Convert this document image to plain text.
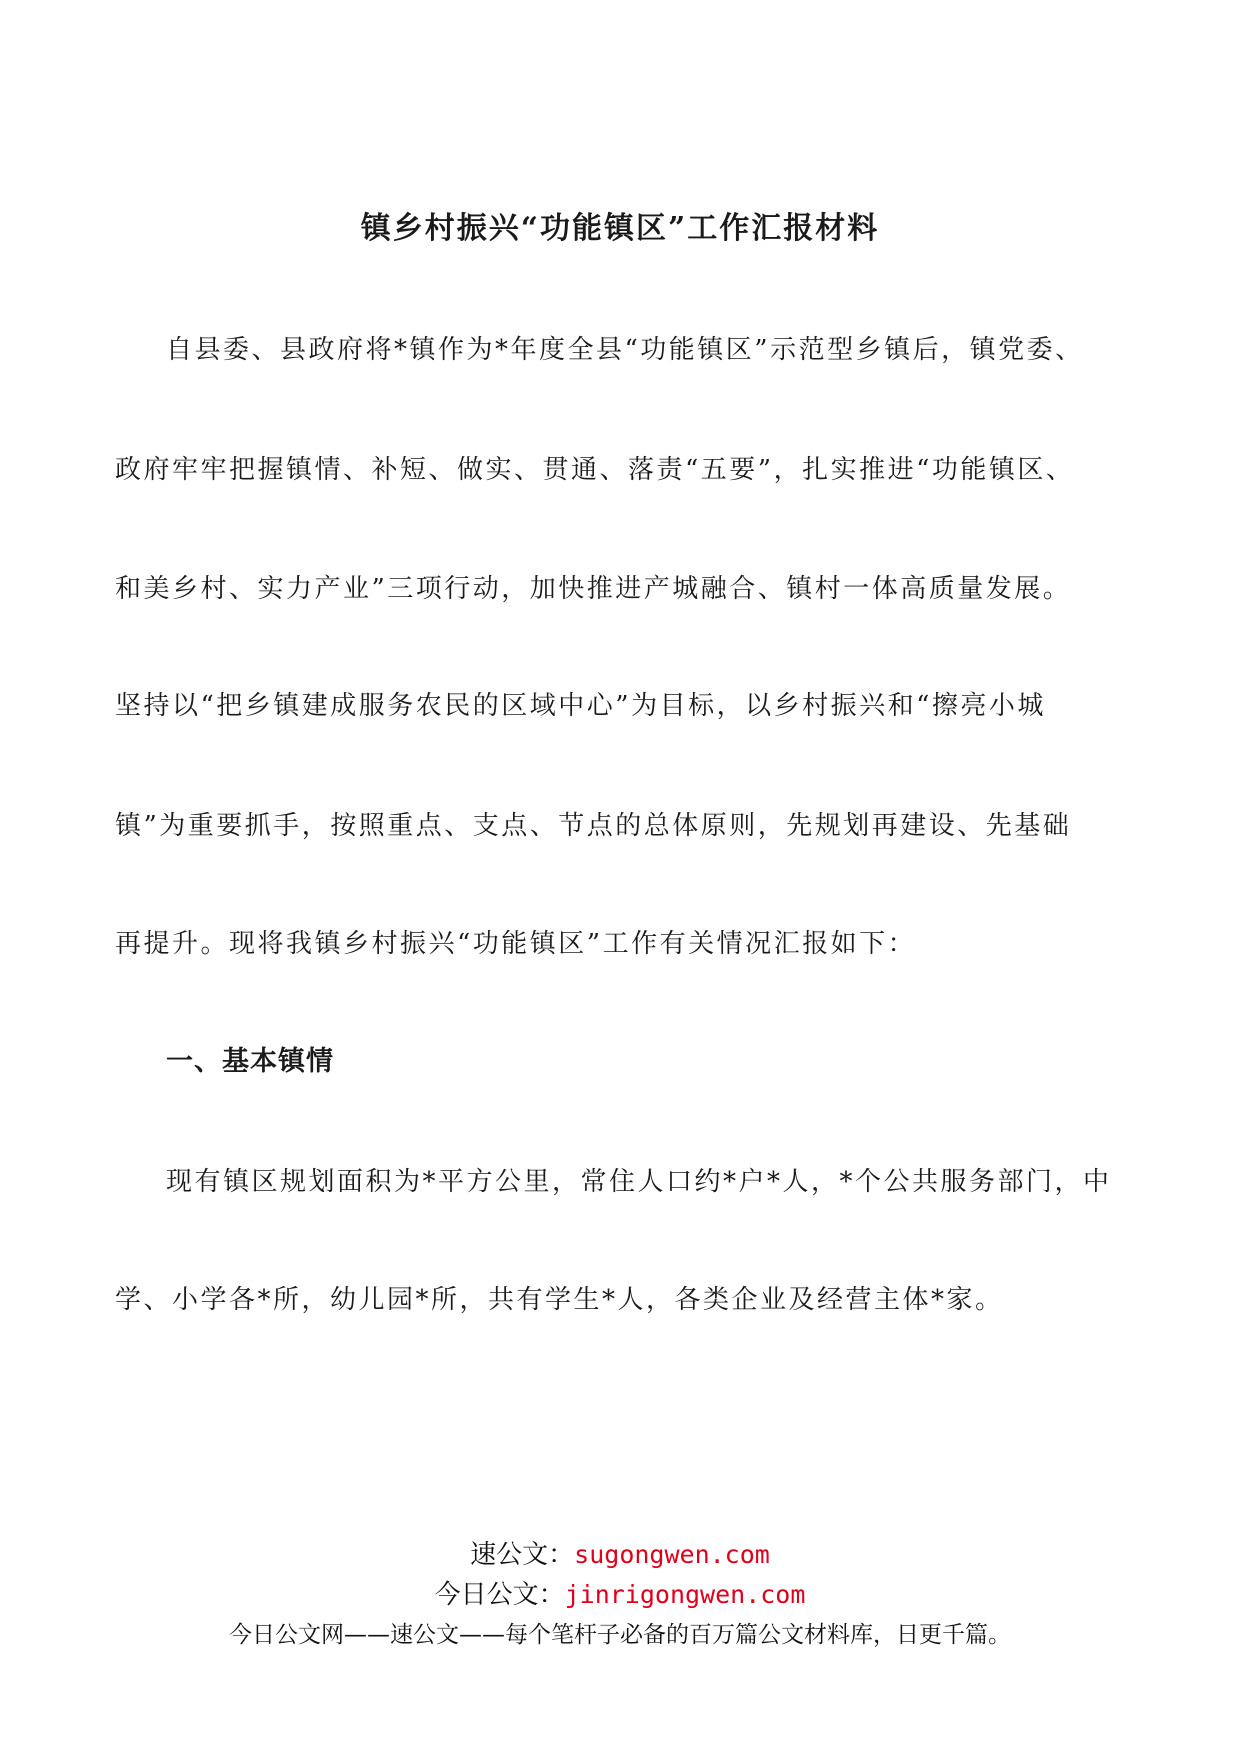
镇乡村振兴“功能镇区”工作汇报材料
自县委、县政府将*镇作为*年度全县“功能镇区”示范型乡镇后，镇党委、
政府牢牢把握镇情、补短、做实、贯通、落责“五要”，扎实推进“功能镇区、
和美乡村、实力产业”三项行动，加快推进产城融合、镇村一体高质量发展。
坚持以“把乡镇建成服务农民的区域中心”为目标，以乡村振兴和“擦亮小城
镇”为重要抓手，按照重点、支点、节点的总体原则，先规划再建设、先基础
再提升。现将我镇乡村振兴“功能镇区”工作有关情况汇报如下：
一、基本镇情
现有镇区规划面积为*平方公里，常住人口约*户*人，*个公共服务部门，中
学、小学各*所，幼儿园*所，共有学生*人，各类企业及经营主体*家。
速公文：sugongwen.com
今日公文：jinrigongwen.com
今日公文网——速公文——每个笔杆子必备的百万篇公文材料库，日更千篇。
